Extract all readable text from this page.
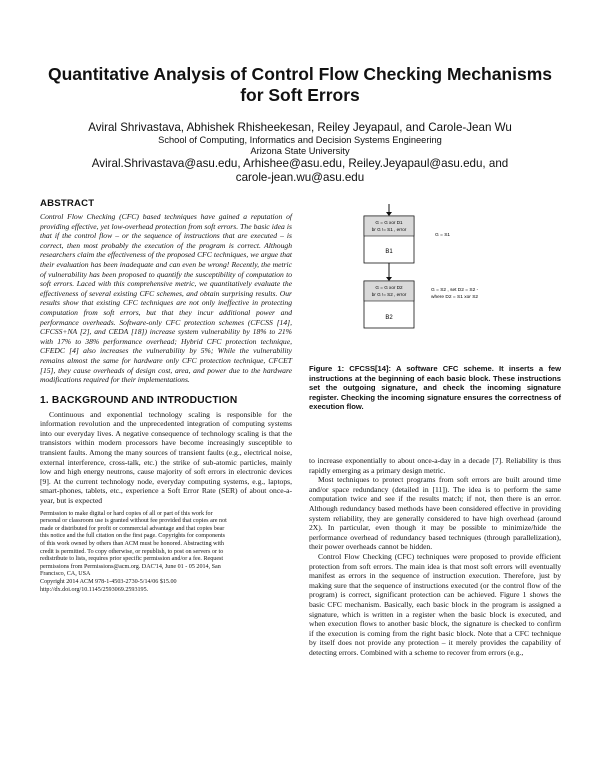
Quantitative Analysis of Control Flow Checking Mechanisms for Soft Errors
Aviral Shrivastava, Abhishek Rhisheekesan, Reiley Jeyapaul, and Carole-Jean Wu
School of Computing, Informatics and Decision Systems Engineering
Arizona State University
Aviral.Shrivastava@asu.edu, Arhishee@asu.edu, Reiley.Jeyapaul@asu.edu, and
carole-jean.wu@asu.edu
ABSTRACT

Control Flow Checking (CFC) based techniques have gained a reputation of providing effective, yet low-overhead protection from soft errors. The basic idea is that if the control flow – or the sequence of instructions that are executed – is correct, then most probably the execution of the program is correct. Although researchers claim the effectiveness of the proposed CFC techniques, we argue that their evaluation has been inadequate and can even be wrong! Recently, the metric of vulnerability has been proposed to quantify the susceptibility of computation to soft errors. Laced with this comprehensive metric, we quantitatively evaluate the effectiveness of several existing CFC schemes, and obtain surprising results. Our results show that existing CFC techniques are not only ineffective in protecting computation from soft errors, but that they incur additional power and performance overheads. Software-only CFC protection schemes (CFCSS [14], CFCSS+NA [2], and CEDA [18]) increase system vulnerability by 18% to 21% with 17% to 38% performance overhead; Hybrid CFC protection technique, CFEDC [4] also increases the vulnerability by 5%; While the vulnerability remains almost the same for hardware only CFC protection technique, CFCET [15], they cause overheads of design cost, area, and power due to the hardware modifications required for their implementations.

1. BACKGROUND AND INTRODUCTION

Continuous and exponential technology scaling is responsible for the information revolution and the unprecedented integration of computing systems into our everyday lives. A negative consequence of technology scaling is that the transistors within modern processors have become increasingly susceptible to transient faults. Among the many sources of transient faults (e.g., electrical noise, external interference, cross-talk, etc.) the strike of sub-atomic particles, mainly low and high energy neutrons, cause majority of soft errors in electronic devices [9]. At the current technology node, everyday computing systems, e.g., laptops, smart-phones, tablets, etc., experience a Soft Error Rate (SER) of about once-a-year, but is expected

Permission to make digital or hard copies of all or part of this work for
personal or classroom use is granted without fee provided that copies are not
made or distributed for profit or commercial advantage and that copies bear
this notice and the full citation on the first page. Copyrights for components
of this work owned by others than ACM must be honored. Abstracting with
credit is permitted. To copy otherwise, or republish, to post on servers or to
redistribute to lists, requires prior specific permission and/or a fee. Request
permissions from Permissions@acm.org. DAC'14, June 01 - 05 2014, San
Francisco, CA, USA
Copyright 2014 ACM 978-1-4503-2730-5/14/06 $15.00
http://dx.doi.org/10.1145/2593069.2593195.
G = G xor D1
br G != S1 , error
B1
G = S1
G = G xor D2
br G != S2 , error
B2
G = S2 , set D2 = S2 -
where D2 = S1 xor S2
Figure 1: CFCSS[14]: A software CFC scheme. It inserts a few instructions at the beginning of each basic block. These instructions set the outgoing signature, and check the incoming signature register. Checking the incoming signature ensures the correctness of execution flow.

to increase exponentially to about once-a-day in a decade [7]. Reliability is thus rapidly emerging as a primary design metric.

Most techniques to protect programs from soft errors are built around time and/or space redundancy (detailed in [11]). The idea is to perform the same computation twice and see if the results match; if not, then there is an error. Although redundancy based methods have been considered effective in providing system reliability, they are generally considered to have high overhead (around 2X). In particular, even though it may be possible to minimize/hide the performance overhead of redundancy based techniques (through parallelization), their power overheads cannot be hidden.

Control Flow Checking (CFC) techniques were proposed to provide efficient protection from soft errors. The main idea is that most soft errors will eventually manifest as errors in the sequence of instruction execution. Therefore, just by making sure that the sequence of instructions executed (or the control flow of the program) is correct, significant protection can be achieved. Figure 1 shows the basic CFC mechanism. Basically, each basic block in the program is assigned a signature, which is written in a register when the basic block is executed, and when execution flows to another basic block, the signature is checked to confirm if the execution is coming from the right basic block. Note that a CFC technique by itself does not provide any protection – it merely provides the capability of detecting errors. Combined with a scheme to recover from errors (e.g.,
